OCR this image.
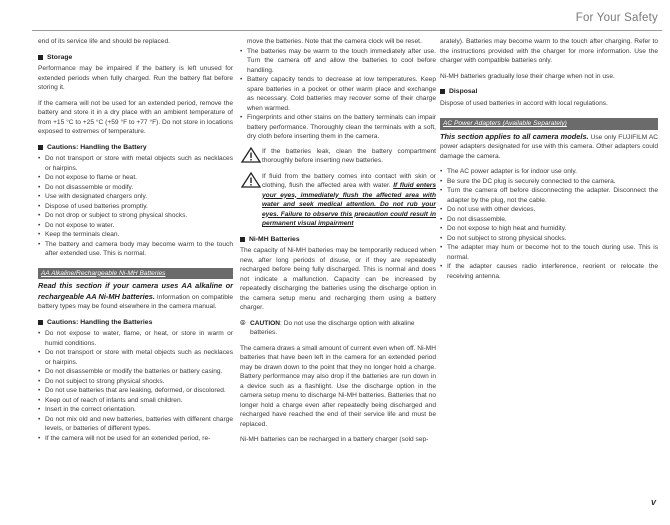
For Your Safety

end of its service life and should be replaced.

Storage

Performance may be impaired if the battery is left unused for extended periods when fully charged. Run the battery flat before storing it.

If the camera will not be used for an extended period, remove the battery and store it in a dry place with an ambient temperature of from +15 °C to +25 °C (+59 °F to +77 °F). Do not store in locations exposed to extremes of temperature.

Cautions: Handling the Battery
• Do not transport or store with metal objects such as necklaces or hairpins.
• Do not expose to flame or heat.
• Do not disassemble or modify.
• Use with designated chargers only.
• Dispose of used batteries promptly.
• Do not drop or subject to strong physical shocks.
• Do not expose to water.
• Keep the terminals clean.
• The battery and camera body may become warm to the touch after extended use. This is normal.
AA Alkaline/Rechargeable Ni-MH Batteries

Read this section if your camera uses AA alkaline or rechargeable AA Ni-MH batteries. Information on compatible battery types may be found elsewhere in the camera manual.

Cautions: Handling the Batteries
• Do not expose to water, flame, or heat, or store in warm or humid conditions.
• Do not transport or store with metal objects such as necklaces or hairpins.
• Do not disassemble or modify the batteries or battery casing.
• Do not subject to strong physical shocks.
• Do not use batteries that are leaking, deformed, or discolored.
• Keep out of reach of infants and small children.
• Insert in the correct orientation.
• Do not mix old and new batteries, batteries with different charge levels, or batteries of different types.
• If the camera will not be used for an extended period, re-

move the batteries. Note that the camera clock will be reset.

• The batteries may be warm to the touch immediately after use. Turn the camera off and allow the batteries to cool before handling.
• Battery capacity tends to decrease at low temperatures. Keep spare batteries in a pocket or other warm place and exchange as necessary. Cold batteries may recover some of their charge when warmed.
• Fingerprints and other stains on the battery terminals can impair battery performance. Thoroughly clean the terminals with a soft, dry cloth before inserting them in the camera.
If the batteries leak, clean the battery compartment thoroughly before inserting new batteries.
If fluid from the battery comes into contact with skin or clothing, flush the affected area with water. If fluid enters your eyes, immediately flush the affected area with water and seek medical attention. Do not rub your eyes. Failure to observe this precaution could result in permanent visual impairment
Ni-MH Batteries

The capacity of Ni-MH batteries may be temporarily reduced when new, after long periods of disuse, or if they are repeatedly recharged before being fully discharged. This is normal and does not indicate a malfunction. Capacity can be increased by repeatedly discharging the batteries using the discharge option in the camera setup menu and recharging them using a battery charger.

⦾ CAUTION: Do not use the discharge option with alkaline batteries.

The camera draws a small amount of current even when off. Ni-MH batteries that have been left in the camera for an extended period may be drawn down to the point that they no longer hold a charge. Battery performance may also drop if the batteries are run down in a device such as a flashlight. Use the discharge option in the camera setup menu to discharge Ni-MH batteries. Batteries that no longer hold a charge even after repeatedly being discharged and recharged have reached the end of their service life and must be replaced.

Ni-MH batteries can be recharged in a battery charger (sold sep-

arately). Batteries may become warm to the touch after charging. Refer to the instructions provided with the charger for more information. Use the charger with compatible batteries only.

Ni-MH batteries gradually lose their charge when not in use.

Disposal

Dispose of used batteries in accord with local regulations.

AC Power Adapters (Available Separately)

This section applies to all camera models. Use only FUJIFILM AC power adapters designated for use with this camera. Other adapters could damage the camera.

• The AC power adapter is for indoor use only.
• Be sure the DC plug is securely connected to the camera.
• Turn the camera off before disconnecting the adapter. Disconnect the adapter by the plug, not the cable.
• Do not use with other devices.
• Do not disassemble.
• Do not expose to high heat and humidity.
• Do not subject to strong physical shocks.
• The adapter may hum or become hot to the touch during use. This is normal.
• If the adapter causes radio interference, reorient or relocate the receiving antenna.
v
